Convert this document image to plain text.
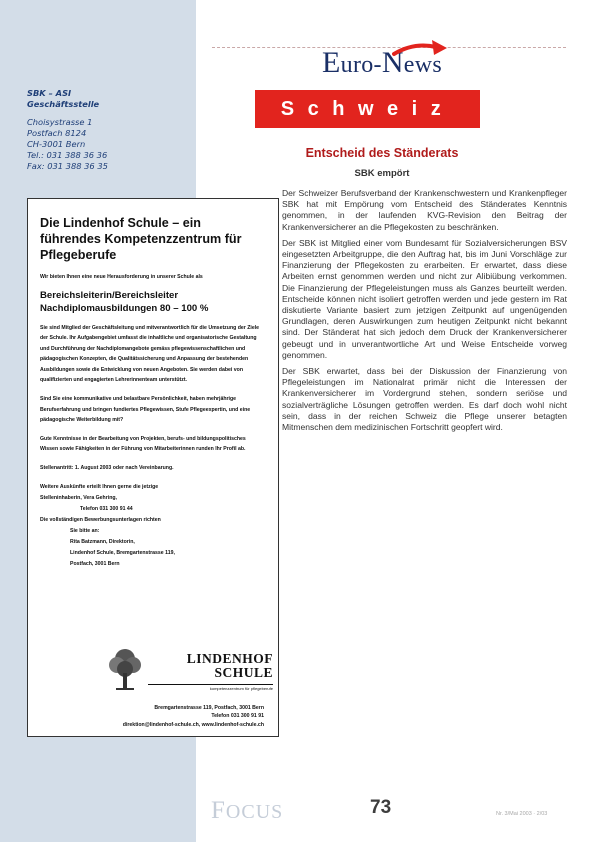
SBK – ASI
Geschäftsstelle
Choisystrasse 1
Postfach 8124
CH-3001 Bern
Tel.: 031 388 36 36
Fax: 031 388 36 35
Euro-News
Schweiz
Entscheid des Ständerats
SBK empört

Der Schweizer Berufsverband der Krankenschwestern und Krankenpfleger SBK hat mit Empörung vom Entscheid des Ständerates Kenntnis genommen, in der laufenden KVG-Revision den Beitrag der Krankenversicherer an die Pflegekosten zu beschränken.

Der SBK ist Mitglied einer vom Bundesamt für Sozialversicherungen BSV eingesetzten Arbeitgruppe, die den Auftrag hat, bis im Juni Vorschläge zur Finanzierung der Pflegekosten zu erarbeiten. Er erwartet, dass diese Arbeiten ernst genommen werden und nicht zur Alibiübung verkommen. Die Finanzierung der Pflegeleistungen muss als Ganzes beurteilt werden. Entscheide können nicht isoliert getroffen werden und jede gestern im Rat diskutierte Variante basiert zum jetzigen Zeitpunkt auf ungenügenden Grundlagen, deren Auswirkungen zum heutigen Zeitpunkt nicht bekannt sind. Der Ständerat hat sich jedoch dem Druck der Krankenversicherer gebeugt und in unverantwortliche Art und Weise Entscheide vorweg genommen.

Der SBK erwartet, dass bei der Diskussion der Finanzierung von Pflegeleistungen im Nationalrat primär nicht die Interessen der Krankenversicherer im Vordergrund stehen, sondern seriöse und sozialverträgliche Lösungen getroffen werden. Es darf doch wohl nicht sein, dass in der reichen Schweiz die Pflege unserer betagten Mitmenschen dem medizinischen Fortschritt geopfert wird.

Die Lindenhof Schule – ein führendes Kompetenzzentrum für Pflegeberufe

Wir bieten Ihnen eine neue Herausforderung in unserer Schule als

Bereichsleiterin/Bereichsleiter Nachdiplomausbildungen 80 – 100 %

Sie sind Mitglied der Geschäftsleitung und mitverantwortlich für die Umsetzung der Ziele der Schule. Ihr Aufgabengebiet umfasst die inhaltliche und organisatorische Gestaltung und Durchführung der Nachdiplomangebote gemäss pflegewissenschaftlichen und pädagogischen Konzepten, die Qualitätssicherung und Anpassung der bestehenden Ausbildungen sowie die Entwicklung von neuen Angeboten. Sie werden dabei von qualifizierten und engagierten Lehrerinnenteam unterstützt.

Sind Sie eine kommunikative und belastbare Persönlichkeit, haben mehrjährige Berufserfahrung und bringen fundiertes Pflegewissen, Stufe Pflegeexpertin, und eine pädagogische Weiterbildung mit?

Gute Kenntnisse in der Bearbeitung von Projekten, berufs- und bildungspolitisches Wissen sowie Fähigkeiten in der Führung von Mitarbeiterinnen runden Ihr Profil ab.

Stellenantritt: 1. August 2003 oder nach Vereinbarung.

Weitere Auskünfte erteilt Ihnen gerne die jetzige

Stelleninhaberin, Vera Gehring,

Telefon 031 300 91 44

Die vollständigen Bewerbungsunterlagen richten

Sie bitte an:

Rita Batzmann, Direktorin,

Lindenhof Schule, Bremgartenstrasse 119,

Postfach, 3001 Bern

LINDENHOF
SCHULE
kompetenzzentrum für pflegeberufe
Bremgartenstrasse 119, Postfach, 3001 Bern
Telefon 031 300 91 91
direktion@lindenhof-schule.ch, www.lindenhof-schule.ch
FOCUS	73	Nr. 3/Mai 2003 · 2/03
